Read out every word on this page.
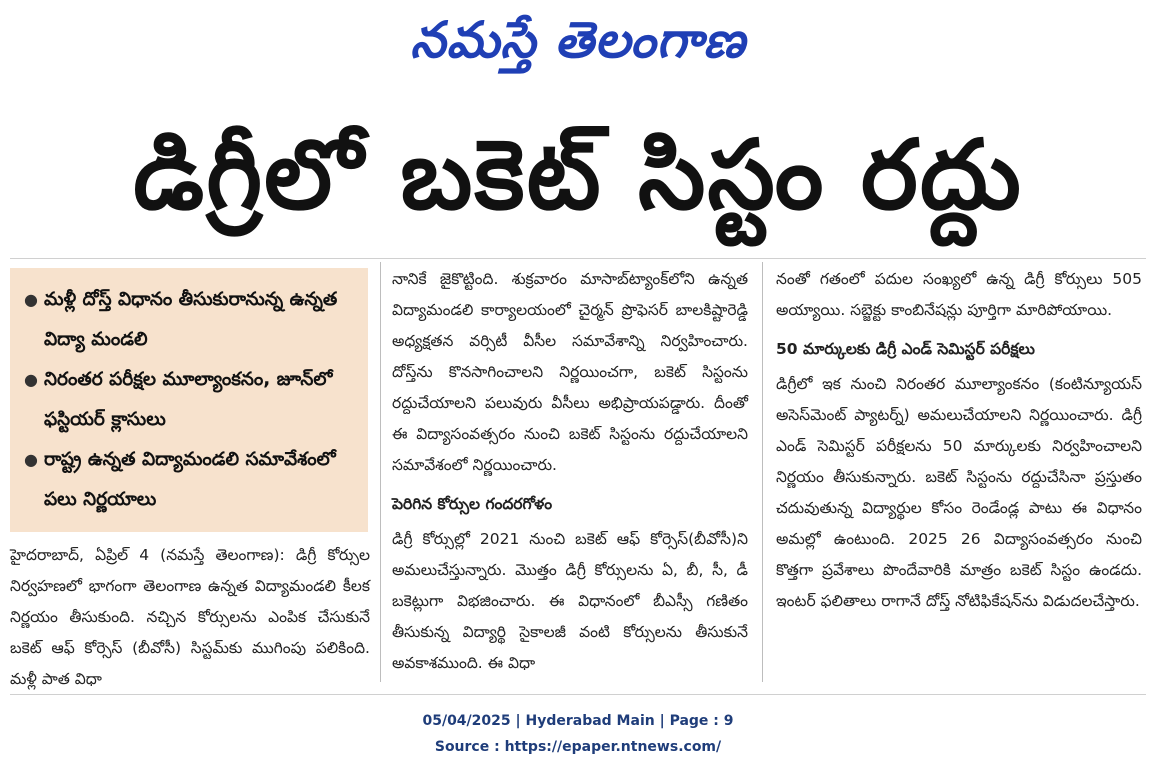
నమస్తే తెలంగాణ
డిగ్రీలో బకెట్ సిస్టం రద్దు
● మళ్లీ దోస్త్ విధానం తీసుకురానున్న ఉన్నత విద్యా మండలి
● నిరంతర పరీక్షల మూల్యాంకనం, జూన్‌లో ఫస్టియర్ క్లాసులు
● రాష్ట్ర ఉన్నత విద్యామండలి సమావేశంలో పలు నిర్ణయాలు

హైదరాబాద్, ఏప్రిల్ 4 (నమస్తే తెలంగాణ): డిగ్రీ కోర్సుల నిర్వహణలో భాగంగా తెలంగాణ ఉన్నత విద్యామండలి కీలక నిర్ణయం తీసుకుంది. నచ్చిన కోర్సులను ఎంపిక చేసుకునే బకెట్ ఆఫ్ కోర్సెస్ (బీవోసీ) సిస్టమ్‌కు ముగింపు పలికింది. మళ్లీ పాత విధా

నానికే జైకొట్టింది. శుక్రవారం మాసాబ్‌ట్యాంక్‌లోని ఉన్నత విద్యామండలి కార్యాలయంలో చైర్మన్ ప్రొఫెసర్ బాలకిష్టారెడ్డి అధ్యక్షతన వర్సిటీ వీసీల సమావేశాన్ని నిర్వహించారు. దోస్త్‌ను కొనసాగించాలని నిర్ణయించగా, బకెట్ సిస్టంను రద్దుచేయాలని పలువురు వీసీలు అభిప్రాయపడ్డారు. దీంతో ఈ విద్యాసంవత్సరం నుంచి బకెట్ సిస్టంను రద్దుచేయాలని సమావేశంలో నిర్ణయించారు.

పెరిగిన కోర్సుల గందరగోళం

డిగ్రీ కోర్సుల్లో 2021 నుంచి బకెట్ ఆఫ్ కోర్సెస్(బీవోసీ)ని అమలుచేస్తున్నారు. మొత్తం డిగ్రీ కోర్సులను ఏ, బీ, సీ, డీ బకెట్లుగా విభజించారు. ఈ విధానంలో బీఎస్సీ గణితం తీసుకున్న విద్యార్థి సైకాలజీ వంటి కోర్సులను తీసుకునే అవకాశముంది. ఈ విధా

నంతో గతంలో పదుల సంఖ్యలో ఉన్న డిగ్రీ కోర్సులు 505 అయ్యాయి. సబ్జెక్టు కాంబినేషన్లు పూర్తిగా మారిపోయాయి.

50 మార్కులకు డిగ్రీ ఎండ్ సెమిస్టర్ పరీక్షలు

డిగ్రీలో ఇక నుంచి నిరంతర మూల్యాంకనం (కంటిన్యూయస్ అసెస్‌మెంట్ ప్యాటర్న్) అమలుచేయాలని నిర్ణయించారు. డిగ్రీ ఎండ్ సెమిస్టర్ పరీక్షలను 50 మార్కులకు నిర్వహించాలని నిర్ణయం తీసుకున్నారు. బకెట్ సిస్టంను రద్దుచేసినా ప్రస్తుతం చదువుతున్న విద్యార్థుల కోసం రెండేండ్ల పాటు ఈ విధానం అమల్లో ఉంటుంది. 2025 26 విద్యాసంవత్సరం నుంచి కొత్తగా ప్రవేశాలు పొందేవారికి మాత్రం బకెట్ సిస్టం ఉండదు. ఇంటర్ ఫలితాలు రాగానే దోస్త్ నోటిఫికేషన్‌ను విడుదలచేస్తారు.

05/04/2025 | Hyderabad Main | Page : 9
Source : https://epaper.ntnews.com/
